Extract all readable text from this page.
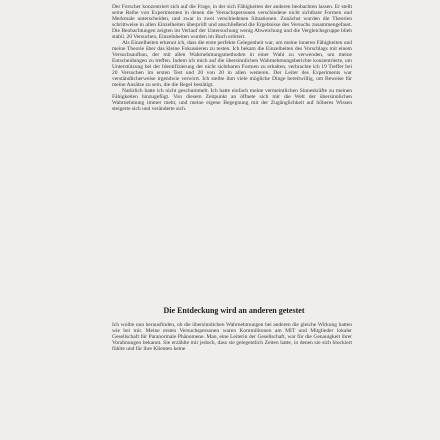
Der Forscher konzentriert sich auf die Frage, in der sich Fähigkeiten der anderen beobachten lassen. Er stellt seine Reihe von Experimenten in denen die Versuchspersonen verschiedene nicht sichtbare Formen und Merkmale unterscheiden, und zwar in zwei verschiedenen Situationen. Zunächst wurden die Theorien schrittweise in allen Einzelheiten überprüft und anschließend die Ergebnisse des Versuchs zusammengefasst. Die Beobachtungen zeigten im Verlauf der Untersuchung wenig Abweichung und die Vergleichsgruppe blieb stabil. 20 Versuchen, Einzelnheiten wurden im Buch erörtert.

Als Einzelheiten erkennt ich, dass die erste perfekte Gelegenheit war, um meine inneren Fähigkeiten und meine Theorie über das kleine Fokussieren zu testen. Ich bekam die Einzelheiten des Vorschlags mit einem Versuchsaufbau, der mit allen Wahrnehmungsmethoden in einer Wahl zu verwenden, um meine Entscheidungen zu treffen. Indem ich mich auf die übersinnlichen Wahrnehmungsberichte konzentrierte, um Unterstützung bei der Identifizierung der nicht sichtbaren Formen zu erhalten, verbrachte ich 19 Treffer bei 20 Versuchen im ersten Test und 20 von 20 in allen weiteren. Der Leiter des Experiments war verständlicherweise irgendwie verwirrt. Ich stellte ihm viele mögliche Dinge bereitwillig, um Beweise für meine Ansätze zu sein, die die Regel bestätigt.

Natürlich hatte ich nicht geschummelt. Ich hatte einfach meine vermeintlichen Sinneskräfte zu meinen Fähigkeiten hinzugefügt. Von diesem Zeitpunkt an öffnete sich mir die Welt der übersinnlichen Wahrnehmung immer mehr, und meine eigene Begegnung mit der Zugänglichkeit auf höheres Wissen steigerte sich und veränderte sich.

Die Entdeckung wird an anderen getestet

Ich wollte nun herausfinden, ob die übersinnlichen Wahrnehmungen bei anderen die gleiche Wirkung hatten wie bei mir. Meine ersten Versuchspersonen waren Kommilitonen am MIT und Mitglieder lokaler Gesellschaft für Paranormale Phänomene. Man, eine Leiterin der Gesellschaft, war für die Genauigkeit ihrer Vorahnungen bekannt. Sie erzählte mir jedoch, dass sie gelegentlich Zeiten hatte, in denen sie sich blockiert fühlte und für ihre Klienten keine
